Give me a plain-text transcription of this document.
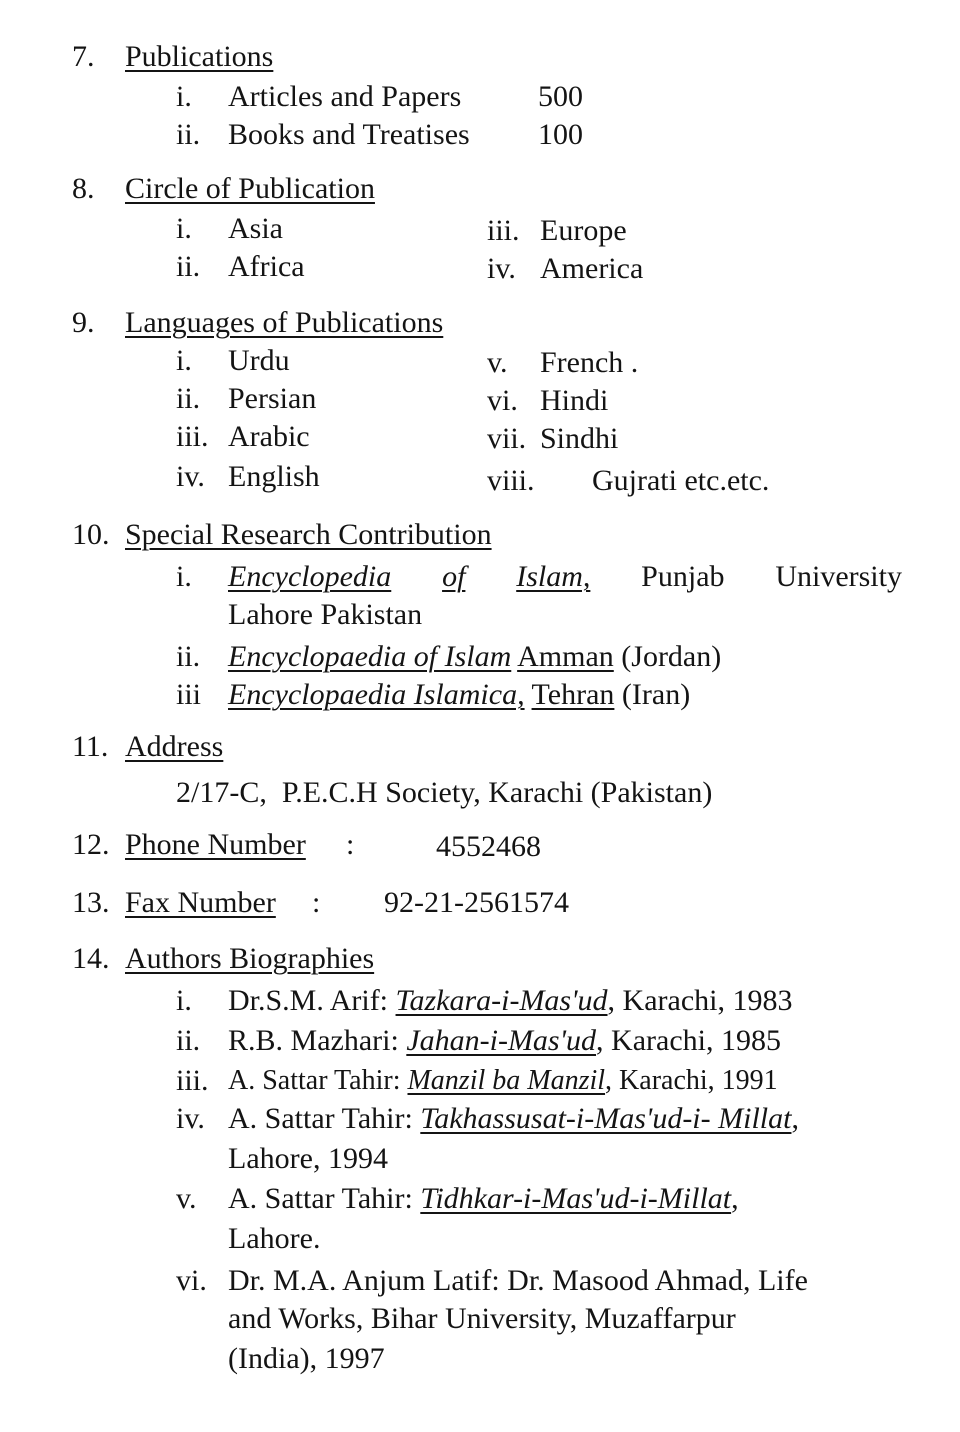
7. Publications
i. Articles and Papers	500
ii. Books and Treatises 100
8. Circle of Publication
i. Asia
ii. Africa
iii. Europe
iv. America
9. Languages of Publications
i. Urdu
ii. Persian
iii. Arabic
iv. English
v. French .
vi. Hindi
vii. Sindhi
viii. Gujrati etc.etc.
10. Special Research Contribution
i. Encyclopedia of Islam, Punjab University
Lahore Pakistan
ii. Encyclopaedia of Islam Amman (Jordan)
iii Encyclopaedia Islamica, Tehran (Iran)
11. Address
2/17-C,  P.E.C.H Society, Karachi (Pakistan)
12. Phone Number :	4552468
13. Fax Number : 92-21-2561574
14. Authors Biographies
i. Dr.S.M. Arif: Tazkara-i-Mas'ud, Karachi, 1983
ii. R.B. Mazhari: Jahan-i-Mas'ud, Karachi, 1985
iii. A. Sattar Tahir: Manzil ba Manzil, Karachi, 1991
iv. A. Sattar Tahir: Takhassusat-i-Mas'ud-i- Millat,
Lahore, 1994
v. A. Sattar Tahir: Tidhkar-i-Mas'ud-i-Millat,
Lahore.
vi. Dr. M.A. Anjum Latif: Dr. Masood Ahmad, Life
and Works, Bihar University, Muzaffarpur
(India), 1997
